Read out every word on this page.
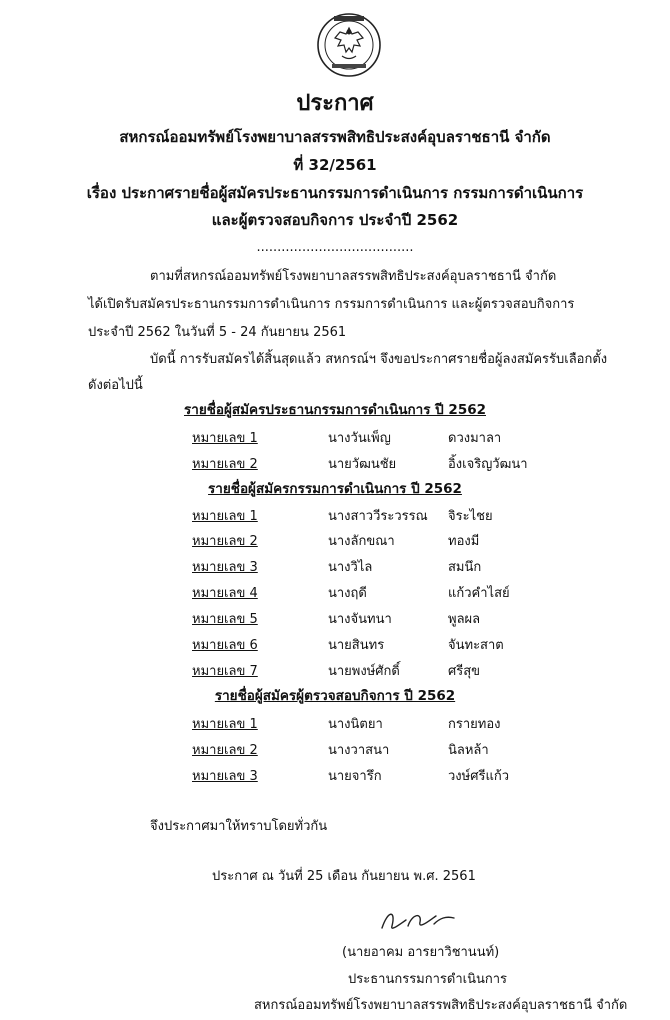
ประกาศ
สหกรณ์ออมทรัพย์โรงพยาบาลสรรพสิทธิประสงค์อุบลราชธานี จำกัด
ที่ 32/2561
เรื่อง ประกาศรายชื่อผู้สมัครประธานกรรมการดำเนินการ กรรมการดำเนินการ
และผู้ตรวจสอบกิจการ ประจำปี 2562
......................................
ตามที่สหกรณ์ออมทรัพย์โรงพยาบาลสรรพสิทธิประสงค์อุบลราชธานี จำกัด
ได้เปิดรับสมัครประธานกรรมการดำเนินการ กรรมการดำเนินการ และผู้ตรวจสอบกิจการ
ประจำปี 2562 ในวันที่ 5 - 24 กันยายน 2561
บัดนี้ การรับสมัครได้สิ้นสุดแล้ว สหกรณ์ฯ จึงขอประกาศรายชื่อผู้ลงสมัครรับเลือกตั้ง
ดังต่อไปนี้
รายชื่อผู้สมัครประธานกรรมการดำเนินการ ปี 2562
หมายเลข 1	นางวันเพ็ญ	ดวงมาลา
หมายเลข 2	นายวัฒนชัย	อิ้งเจริญวัฒนา
รายชื่อผู้สมัครกรรมการดำเนินการ ปี 2562
หมายเลข 1	นางสาววีระวรรณ จิระไชย
หมายเลข 2	นางลักขณา	ทองมี
หมายเลข 3	นางวิไล	สมนึก
หมายเลข 4	นางฤดี	แก้วคำไสย์
หมายเลข 5	นางจันทนา	พูลผล
หมายเลข 6	นายสินทร	จันทะสาต
หมายเลข 7	นายพงษ์ศักดิ์	ศรีสุข
รายชื่อผู้สมัครผู้ตรวจสอบกิจการ ปี 2562
หมายเลข 1	นางนิตยา	กรายทอง
หมายเลข 2	นางวาสนา	นิลหล้า
หมายเลข 3	นายจารึก	วงษ์ศรีแก้ว
จึงประกาศมาให้ทราบโดยทั่วกัน
ประกาศ ณ วันที่ 25 เดือน กันยายน พ.ศ. 2561
(นายอาคม อารยาวิชานนท์)
ประธานกรรมการดำเนินการ
สหกรณ์ออมทรัพย์โรงพยาบาลสรรพสิทธิประสงค์อุบลราชธานี จำกัด
